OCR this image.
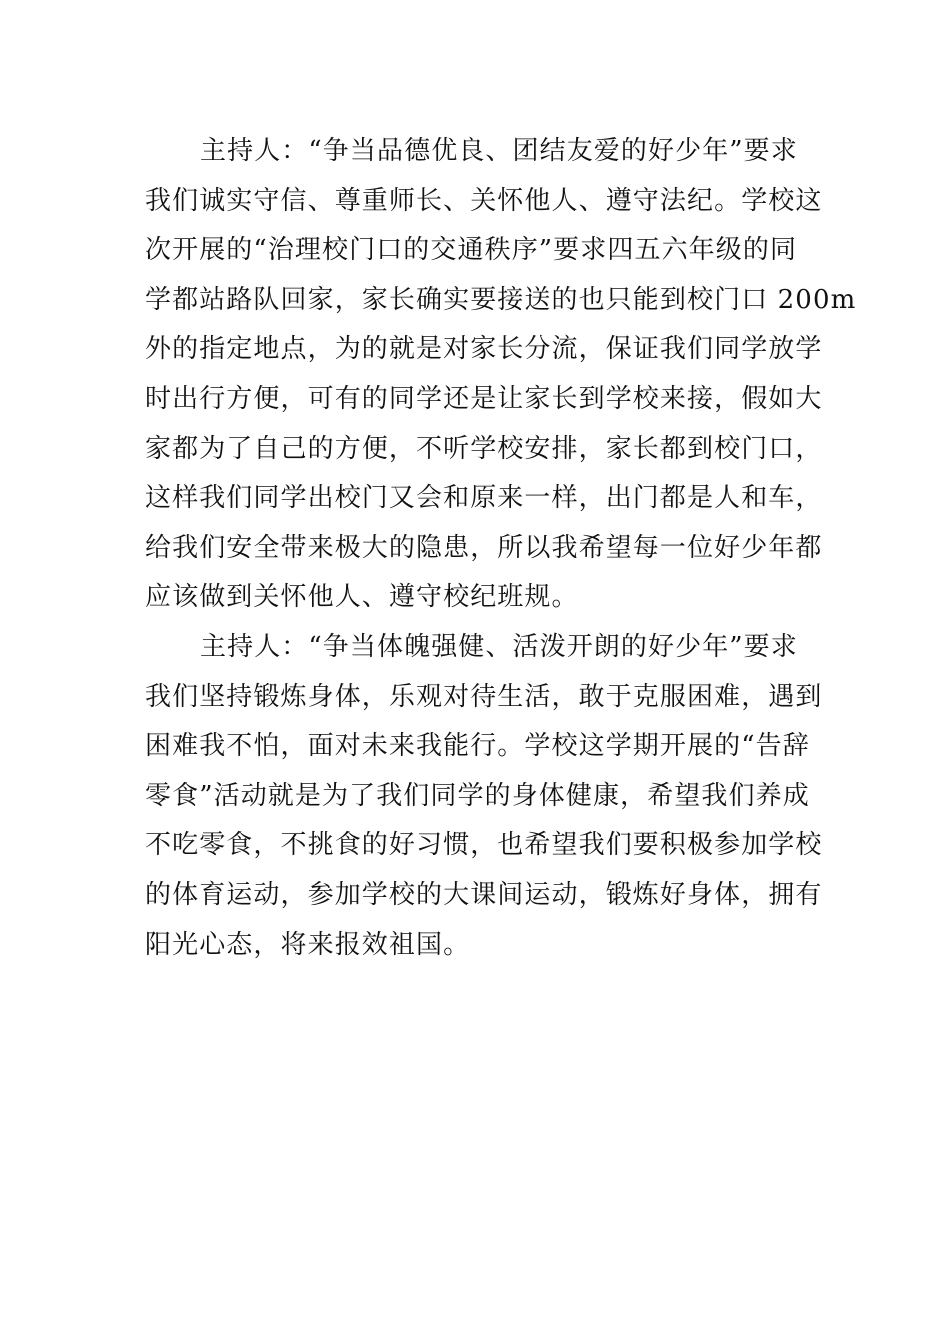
主持人：“争当品德优良、团结友爱的好少年”要求
我们诚实守信、尊重师长、关怀他人、遵守法纪。学校这
次开展的“治理校门口的交通秩序”要求四五六年级的同
学都站路队回家，家长确实要接送的也只能到校门口 200m
外的指定地点，为的就是对家长分流，保证我们同学放学
时出行方便，可有的同学还是让家长到学校来接，假如大
家都为了自己的方便，不听学校安排，家长都到校门口，
这样我们同学出校门又会和原来一样，出门都是人和车，
给我们安全带来极大的隐患，所以我希望每一位好少年都
应该做到关怀他人、遵守校纪班规。

主持人：“争当体魄强健、活泼开朗的好少年”要求
我们坚持锻炼身体，乐观对待生活，敢于克服困难，遇到
困难我不怕，面对未来我能行。学校这学期开展的“告辞
零食”活动就是为了我们同学的身体健康，希望我们养成
不吃零食，不挑食的好习惯，也希望我们要积极参加学校
的体育运动，参加学校的大课间运动，锻炼好身体，拥有
阳光心态，将来报效祖国。
